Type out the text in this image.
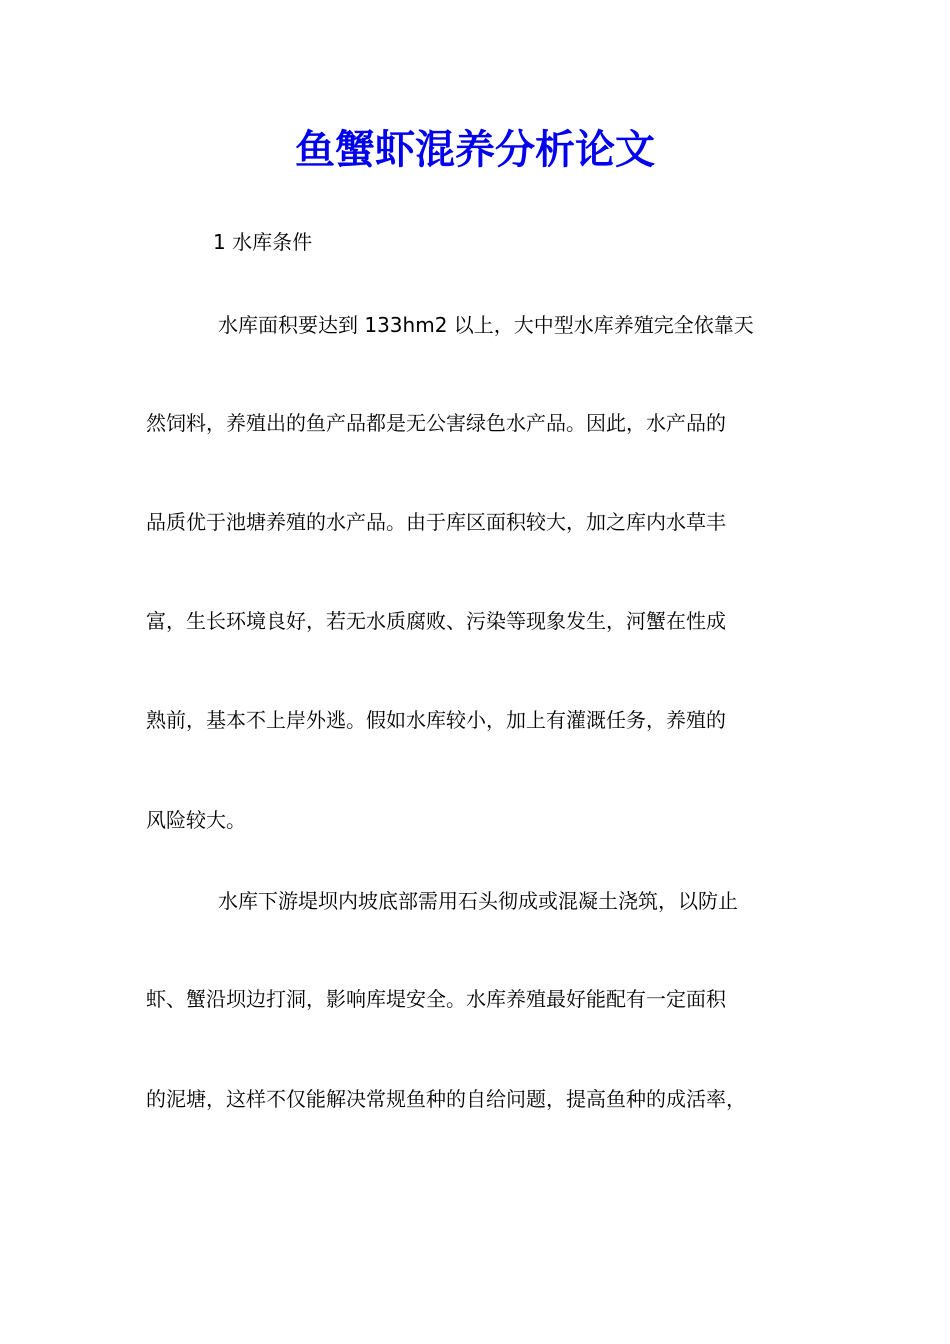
鱼蟹虾混养分析论文

1 水库条件

水库面积要达到 133hm2 以上，大中型水库养殖完全依靠天

然饲料，养殖出的鱼产品都是无公害绿色水产品。因此，水产品的

品质优于池塘养殖的水产品。由于库区面积较大，加之库内水草丰

富，生长环境良好，若无水质腐败、污染等现象发生，河蟹在性成

熟前，基本不上岸外逃。假如水库较小，加上有灌溉任务，养殖的

风险较大。

水库下游堤坝内坡底部需用石头彻成或混凝土浇筑，以防止

虾、蟹沿坝边打洞，影响库堤安全。水库养殖最好能配有一定面积

的泥塘，这样不仅能解决常规鱼种的自给问题，提高鱼种的成活率，
